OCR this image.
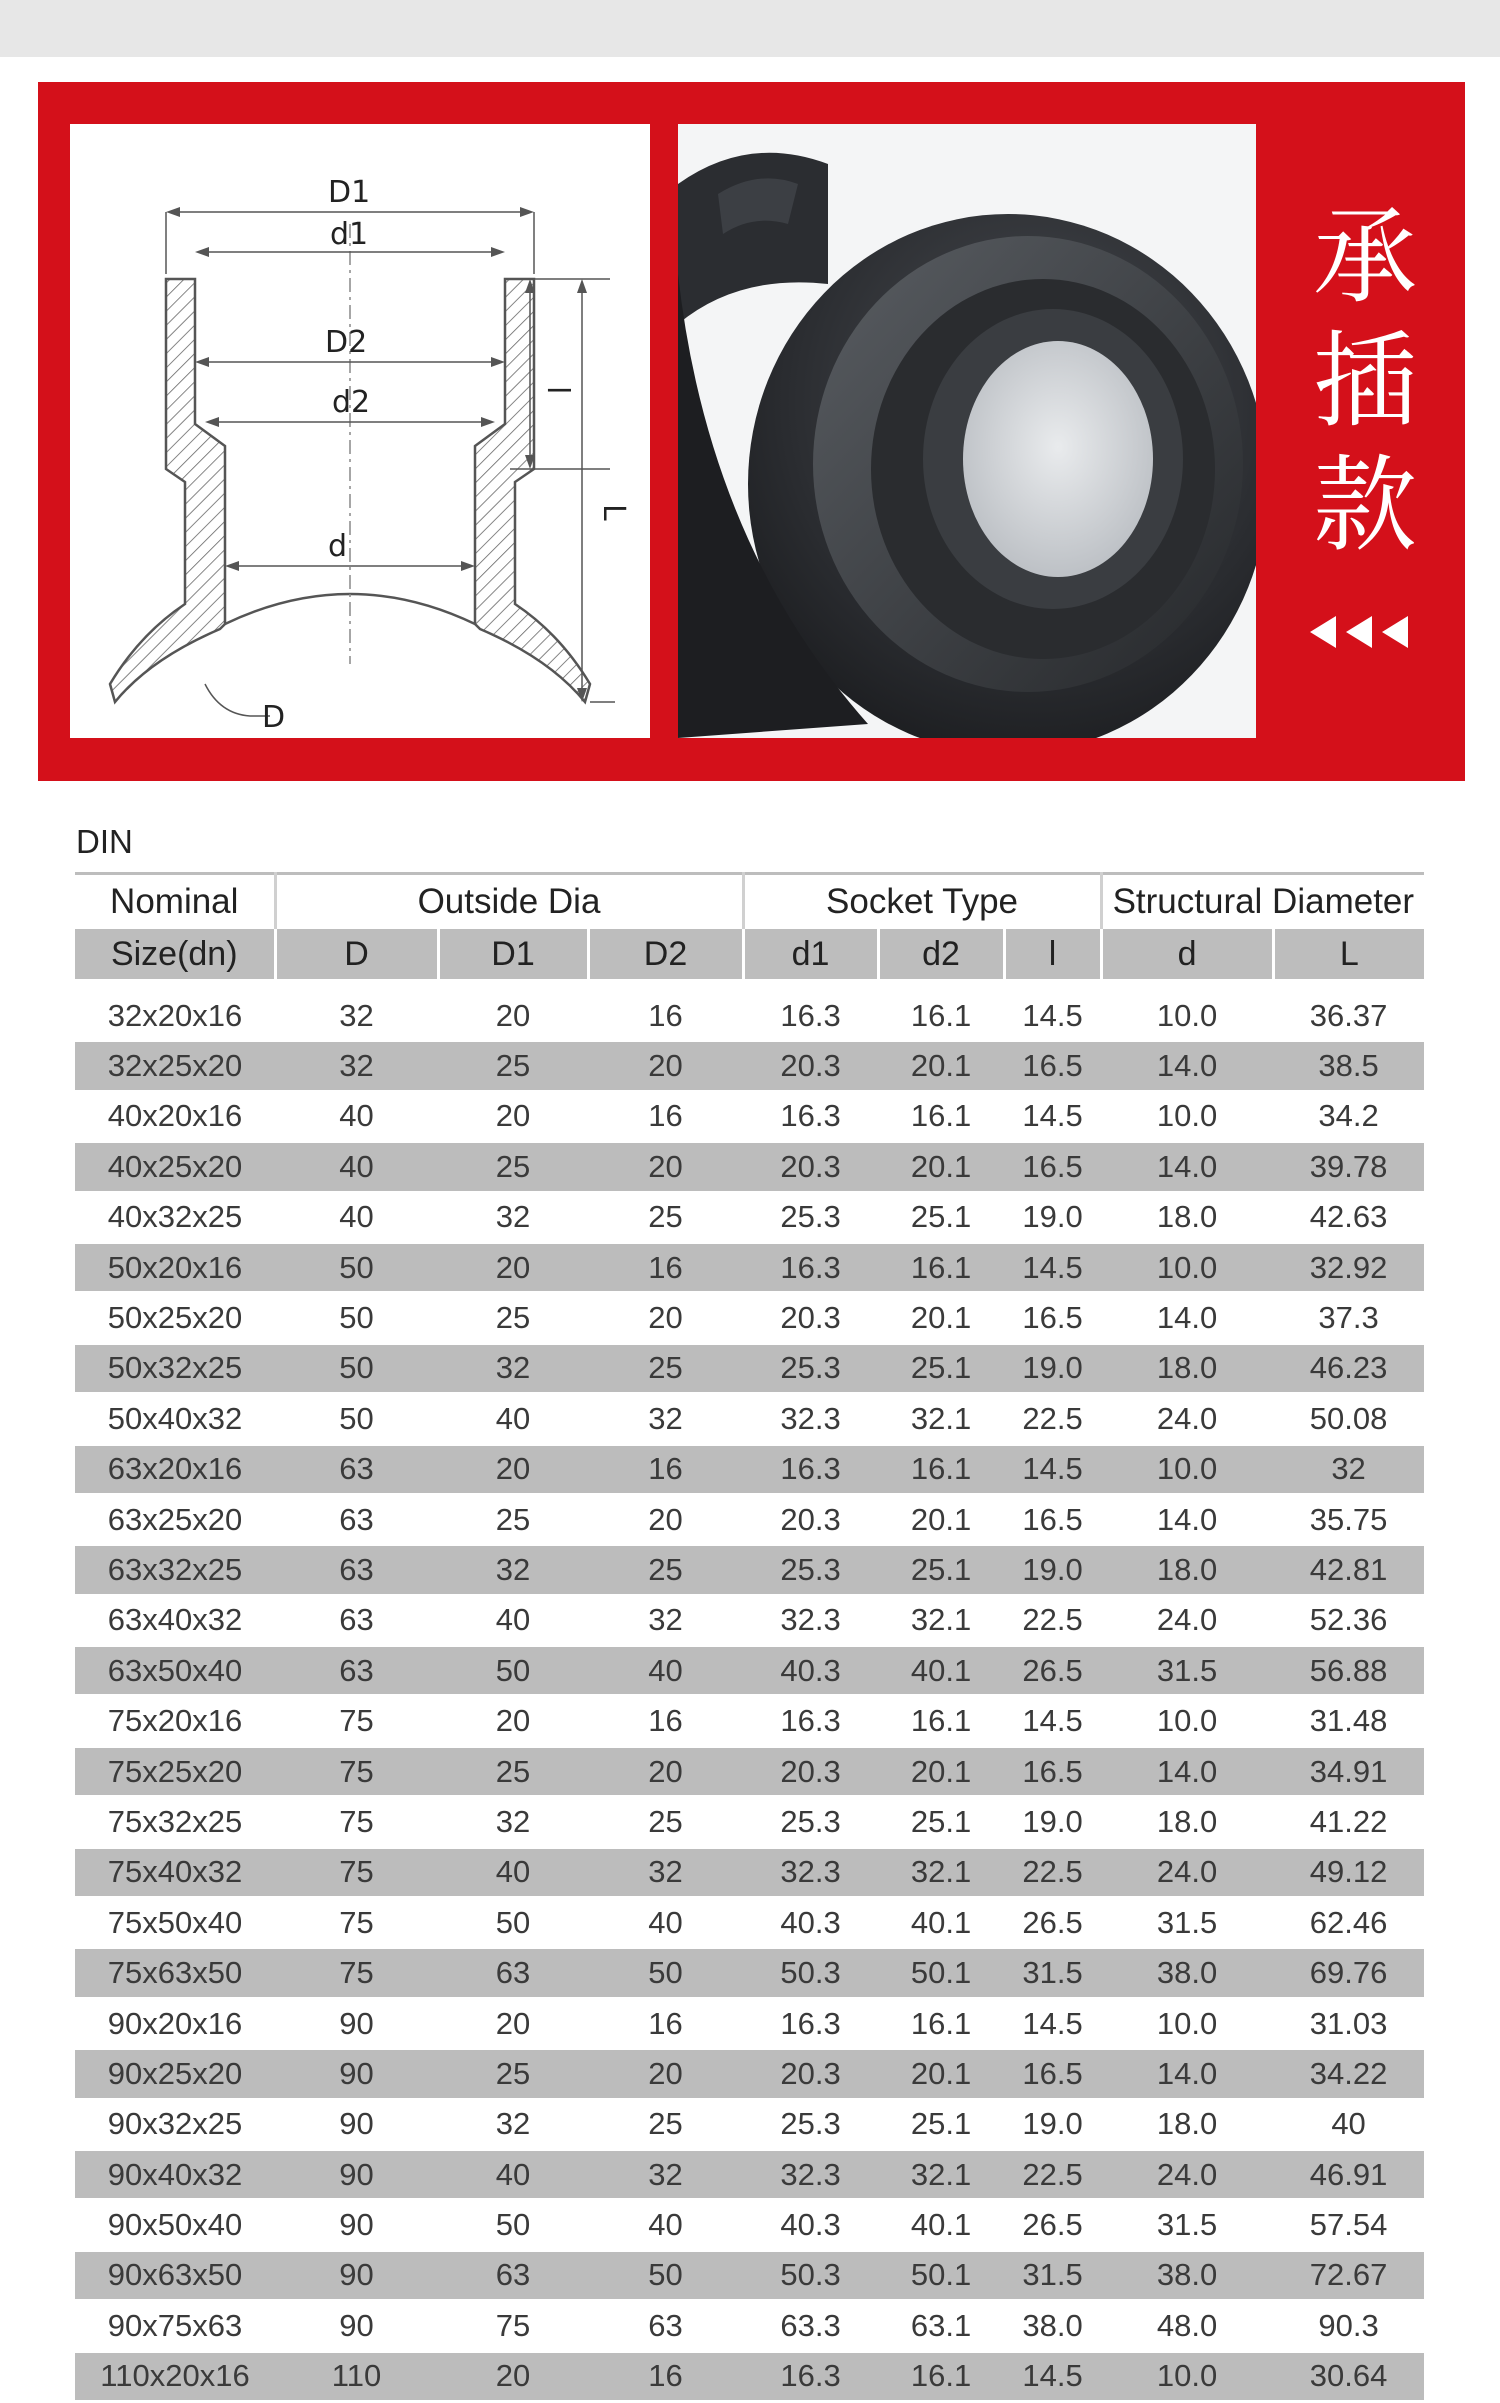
D1
d1
D2
d2
d
l
L
D
承
插
款
DIN
Nominal	Outside Dia			Socket Type			Structural Diameter	
Size(dn)	D	D1	D2	d1	d2	l	d	L

32x20x16	32	20	16	16.3	16.1	14.5	10.0	36.37
32x25x20	32	25	20	20.3	20.1	16.5	14.0	38.5
40x20x16	40	20	16	16.3	16.1	14.5	10.0	34.2
40x25x20	40	25	20	20.3	20.1	16.5	14.0	39.78
40x32x25	40	32	25	25.3	25.1	19.0	18.0	42.63
50x20x16	50	20	16	16.3	16.1	14.5	10.0	32.92
50x25x20	50	25	20	20.3	20.1	16.5	14.0	37.3
50x32x25	50	32	25	25.3	25.1	19.0	18.0	46.23
50x40x32	50	40	32	32.3	32.1	22.5	24.0	50.08
63x20x16	63	20	16	16.3	16.1	14.5	10.0	32
63x25x20	63	25	20	20.3	20.1	16.5	14.0	35.75
63x32x25	63	32	25	25.3	25.1	19.0	18.0	42.81
63x40x32	63	40	32	32.3	32.1	22.5	24.0	52.36
63x50x40	63	50	40	40.3	40.1	26.5	31.5	56.88
75x20x16	75	20	16	16.3	16.1	14.5	10.0	31.48
75x25x20	75	25	20	20.3	20.1	16.5	14.0	34.91
75x32x25	75	32	25	25.3	25.1	19.0	18.0	41.22
75x40x32	75	40	32	32.3	32.1	22.5	24.0	49.12
75x50x40	75	50	40	40.3	40.1	26.5	31.5	62.46
75x63x50	75	63	50	50.3	50.1	31.5	38.0	69.76
90x20x16	90	20	16	16.3	16.1	14.5	10.0	31.03
90x25x20	90	25	20	20.3	20.1	16.5	14.0	34.22
90x32x25	90	32	25	25.3	25.1	19.0	18.0	40
90x40x32	90	40	32	32.3	32.1	22.5	24.0	46.91
90x50x40	90	50	40	40.3	40.1	26.5	31.5	57.54
90x63x50	90	63	50	50.3	50.1	31.5	38.0	72.67
90x75x63	90	75	63	63.3	63.1	38.0	48.0	90.3
110x20x16	110	20	16	16.3	16.1	14.5	10.0	30.64
